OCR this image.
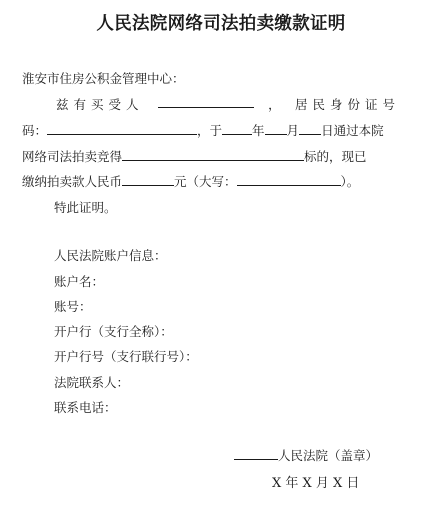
人民法院网络司法拍卖缴款证明
淮安市住房公积金管理中心：
兹有买受人	， 居民身份证号
码：	，于 年 月 日通过本院
网络司法拍卖竞得	标的，现已
缴纳拍卖款人民币	元（大写：	）。
特此证明。
人民法院账户信息：
账户名：
账号：
开户行（支行全称）：
开户行号（支行联行号）：
法院联系人：
联系电话：
人民法院（盖章）
X 年 X 月 X 日
